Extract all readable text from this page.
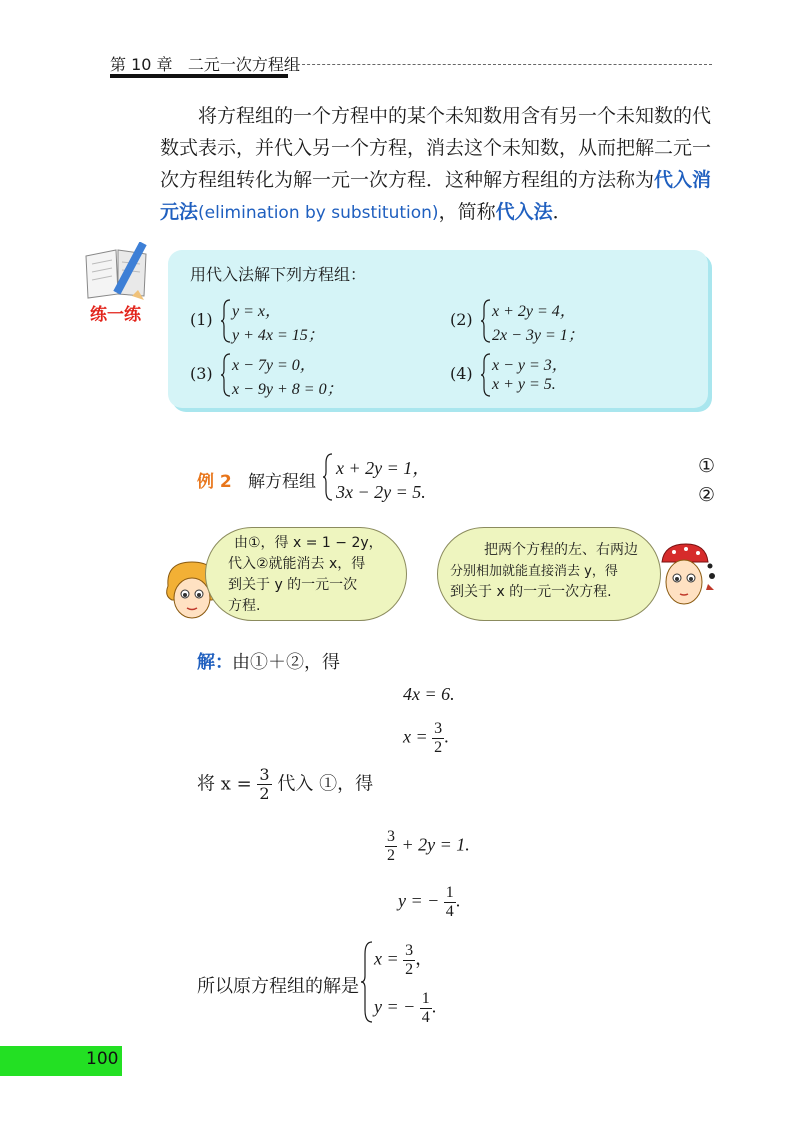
第 10 章 二元一次方程组
将方程组的一个方程中的某个未知数用含有另一个未知数的代数式表示，并代入另一个方程，消去这个未知数，从而把解二元一次方程组转化为解一元一次方程．这种解方程组的方法称为代入消元法(elimination by substitution)，简称代入法．
练一练
用代入法解下列方程组：
(1) y = x，
y + 4x = 15；
(2) x + 2y = 4，
2x − 3y = 1；
(3) x − 7y = 0，
x − 9y + 8 = 0；
(4) x − y = 3，
x + y = 5.
例 2 解方程组
x + 2y = 1，
3x − 2y = 5.
①
②
由①，得 x = 1 − 2y，
代入②就能消去 x，得
到关于 y 的一元一次
方程.
把两个方程的左、右两边
分别相加就能直接消去 y，得
到关于 x 的一元一次方程.
解： 由①＋②，得
4x = 6.
$x = \frac{3}{2}$ .
将 $x = \frac{3}{2}$ 代入 ①，得
$\frac{3}{2} + 2y = 1$.
y = − $\frac{1}{4}$ .
所以原方程组的解是
$x = \frac{3}{2}$ ，
y = − $\frac{1}{4}$ .
100
